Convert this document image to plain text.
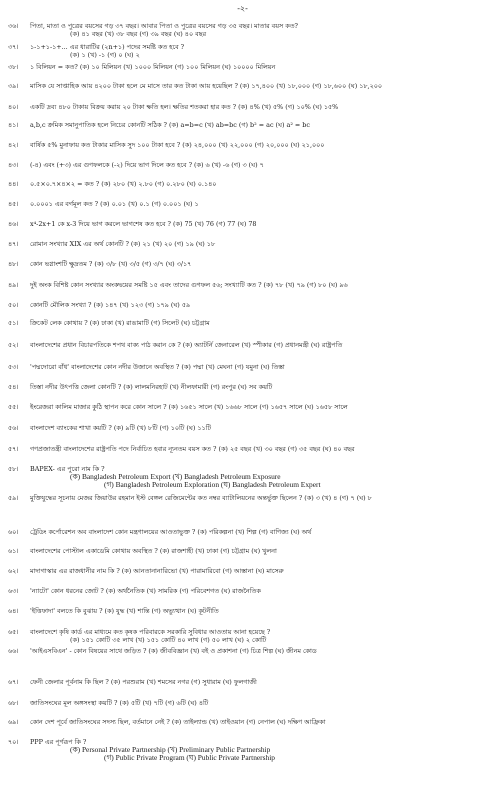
-২-
৩৬। পিতা, মাতা ও পুত্রের বয়সের গড় ৩৭ বছর। আবার পিতা ও পুত্রের বয়সের গড় ৩৫ বছর। মাতার বয়স কত?
(ক) ৪১ বছর (খ) ৩৮ বছর (গ) ৩৯ বছর (ঘ) ৪০ বছর
৩৭। ১-১+১-১+... এর ধারাটির (২n+১) পদের সমষ্টি কত হবে ?
(ক) ১ (খ) -১ (গ) ০ (ঘ) ২
৩৮। ১ বিলিয়ন = কত? (ক) ১০ মিলিয়ন (খ) ১০০০ মিলিয়ন (গ) ১০০ মিলিয়ন (ঘ) ১০০০০ মিলিয়ন
৩৯। মাসিক যে সাপ্তাহিক আয় ৪২০০ টাকা হলে মে মাসে তার কত টাকা আয় হয়েছিল ? (ক) ১৭,৪০০ (খ) ১৮,০০০ (গ) ১৮,৬০০ (ঘ) ১৮,২০০
৪০। একটি দ্রব্য ৪৮০ টাকায় বিক্রয় করায় ২০ টাকা ক্ষতি হল। ক্ষতির শতকরা হার কত ? (ক) ৪% (খ) ৫% (গ) ১০% (ঘ) ১৫%
৪১। a,b,c ক্রমিক সমানুপাতিক হলে নিচের কোনটি সঠিক ? (ক) a=b=c (খ) ab=bc (গ) b² = ac (ঘ) a² = bc
৪২। বার্ষিক ৫% মুনাফায় কত টাকার মাসিক সুদ ১০০ টাকা হবে ? (ক) ২৪,০০০ (খ) ২২,০০০ (গ) ২০,০০০ (ঘ) ২১,০০০
৪৩। (-৪) এবং (+৩) এর গুণফলকে (-২) দিয়ে ভাগ দিলে কত হবে ? (ক) ৬ (খ) -৬ (গ) ৩ (ঘ) ৭
৪৪। ০.৫×০.৭×৪×২ = কত ? (ক) ২৮০ (খ) ২.৮০ (গ) ০.২৮০ (ঘ) ০.১৪০
৪৫। ০.০০০১ এর বর্গমূল কত ? (ক) ০.০১ (খ) ০.১ (গ) ০.০০১ (ঘ) ১
৪৬। x⁴-2x+1 কে x-3 দিয়ে ভাগ করলে ভাগশেষ কত হবে ? (ক) 75 (খ) 76 (গ) 77 (ঘ) 78
৪৭। রোমান সংখ্যার XIX এর অর্থ কোনটি ? (ক) ২১ (খ) ২০ (গ) ১৯ (ঘ) ১৮
৪৮। কোন ভগ্নাংশটি ক্ষুদ্রতম ? (ক) ৩/৮ (খ) ৩/৫ (গ) ৩/৭ (ঘ) ৩/১৭
৪৯। দুই অংক বিশিষ্ট কোন সংখ্যার অংকদ্বয়ের সমষ্টি ১৫ এবং তাদের গুণফল ৫৬; সংখ্যাটি কত ? (ক) ৭৮ (খ) ৭৯ (গ) ৮০ (ঘ) ৯৬
৫০। কোনটি মৌলিক সংখ্যা ? (ক) ১৪৭ (খ) ১২৩ (গ) ১৭৯ (ঘ) ৫৯
৫১। ক্রিকেট লেক কোথায় ? (ক) ঢাকা (খ) রাঙামাটি (গ) সিলেট (ঘ) চট্টগ্রাম
৫২। বাংলাদেশের প্রধান বিচারপতিকে শপথ বাক্য পাঠ করান কে ? (ক) অ্যাটর্নি জেনারেল (খ) স্পীকার (গ) প্রধানমন্ত্রী (ঘ) রাষ্ট্রপতি
৫৩। 'পদ্মদোরো বাঁধ' বাংলাদেশের কোন নদীর উজানে অবস্থিত ? (ক) পদ্মা (খ) মেঘনা (গ) যমুনা (ঘ) তিস্তা
৫৪। তিস্তা নদীর উৎপত্তি জেলা কোনটি ? (ক) লালমনিরহাট (খ) নীলফামারী (গ) রংপুর (ঘ) সব কয়টি
৫৫। ইংরেজরা কালিম মাজার কুঠি স্থাপন করে কোন সালে ? (ক) ১৬৫১ সালে (খ) ১৬৬৮ সালে (গ) ১৬৫৭ সালে (ঘ) ১৬৫৮ সালে
৫৬। বাংলাদেশ ব্যাংকের শাখা কয়টি ? (ক) ৯টি (খ) ৮টি (গ) ১০টি (ঘ) ১১টি
৫৭। গণপ্রজাতন্ত্রী বাংলাদেশের রাষ্ট্রপতি পদে নির্বাচিত হবার ন্যূনতম বয়স কত ? (ক) ২৫ বছর (খ) ৩০ বছর (গ) ৩৫ বছর (ঘ) ৪০ বছর
৫৮। BAPEX- এর পুরো নাম কি ?
(ক) Bangladesh Petroleum Export (খ) Bangladesh Petroleum Exposure
(গ) Bangladesh Petroleum Exploration (ঘ) Bangladesh Petroleum Expert
৫৯। মুক্তিযুদ্ধের সূচনায় মেজর জিয়াউর রহমান ইস্ট বেঙ্গল রেজিমেন্টের কত নম্বর ব্যাটালিয়নের অন্তর্ভুক্ত ছিলেন ? (ক) ৩ (খ) ৪ (গ) ৭ (ঘ) ৮
৬০। ট্রেডিং কর্পোরেশন অব বাংলাদেশ কোন মন্ত্রণালয়ের আওতাভুক্ত ? (ক) পরিকল্পনা (খ) শিল্প (গ) বাণিজ্য (ঘ) অর্থ
৬১। বাংলাদেশের পোস্টাল একাডেমি কোথায় অবস্থিত ? (ক) রাজশাহী (খ) ঢাকা (গ) চট্টগ্রাম (ঘ) খুলনা
৬২। মাদাগাস্কার এর রাজধানীর নাম কি ? (ক) আনতানানারিভো (খ) পারামারিবো (গ) আস্তানা (ঘ) মাসেরু
৬৩। 'ন্যাটো' কোন ধরনের জোট ? (ক) অর্থনৈতিক (খ) সামরিক (গ) পরিবেশগত (ঘ) রাজনৈতিক
৬৪। 'ইত্তিফাদা' বলতে কি বুঝায় ? (ক) যুদ্ধ (খ) শান্তি (গ) অভ্যুত্থান (ঘ) কূটনীতি
৬৫। বাংলাদেশে কৃষি কার্ড এর মাধ্যমে কত কৃষক পরিবারকে সরকারি সুবিধার আওতায় আনা হয়েছে ?
(ক) ১৫১ কোটি ৩৫ লাখ (খ) ১৫১ কোটি ৪০ লাখ (গ) ৫০ লাখ (ঘ) ২ কোটি
৬৬। 'আইএসবিএন' - কোন বিষয়ের সাথে জড়িত ? (ক) জীববিজ্ঞান (খ) বই ও প্রকাশনা (গ) চিত্র শিল্প (ঘ) জীনম কোড
৬৭। ফেনী জেলার পূর্বনাম কি ছিল ? (ক) পরশুরাম (খ) শমসের নগর (গ) সুধারাম (ঘ) ফুলগাজী
৬৮। জাতিসংঘের মূল অঙ্গসংস্থা কয়টি ? (ক) ৫টি (খ) ৭টি (গ) ৬টি (ঘ) ৪টি
৬৯। কোন দেশ পূর্বে জাতিসংঘের সদস্য ছিল, বর্তমানে নেই ? (ক) তাইল্যান্ড (খ) তাইওয়ান (গ) নেপাল (ঘ) দক্ষিণ আফ্রিকা
৭০। PPP এর পূর্ণরূপ কি ?
(ক) Personal Private Partnership (খ) Preliminary Public Partnership
(গ) Public Private Program (ঘ) Public Private Partnership
